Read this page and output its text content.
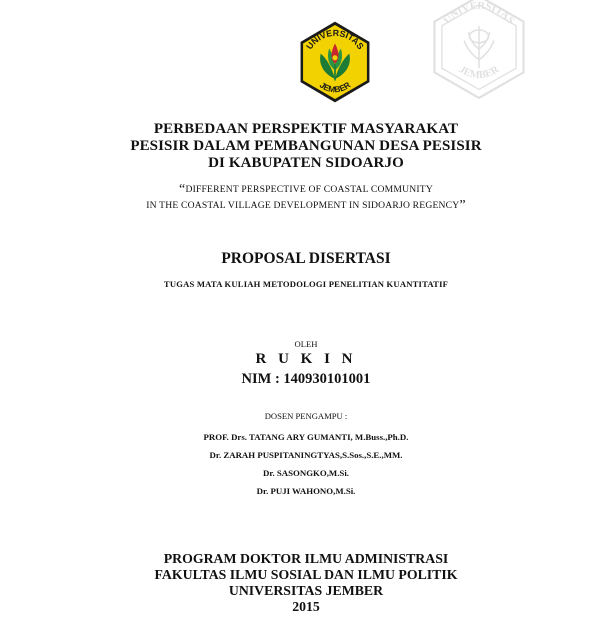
UNIVERSITAS
JEMBER
UNIVERSITAS
JEMBER
PERBEDAAN PERSPEKTIF MASYARAKAT
PESISIR DALAM PEMBANGUNAN DESA PESISIR
DI KABUPATEN SIDOARJO
“DIFFERENT PERSPECTIVE OF COASTAL COMMUNITY
IN THE COASTAL VILLAGE DEVELOPMENT IN SIDOARJO REGENCY”
PROPOSAL DISERTASI
TUGAS MATA KULIAH METODOLOGI PENELITIAN KUANTITATIF
OLEH
R U K I N
NIM : 140930101001
DOSEN PENGAMPU :
PROF. Drs. TATANG ARY GUMANTI, M.Buss.,Ph.D.
Dr. ZARAH PUSPITANINGTYAS,S.Sos.,S.E.,MM.
Dr. SASONGKO,M.Si.
Dr. PUJI WAHONO,M.Si.
PROGRAM DOKTOR ILMU ADMINISTRASI
FAKULTAS ILMU SOSIAL DAN ILMU POLITIK
UNIVERSITAS JEMBER
2015
